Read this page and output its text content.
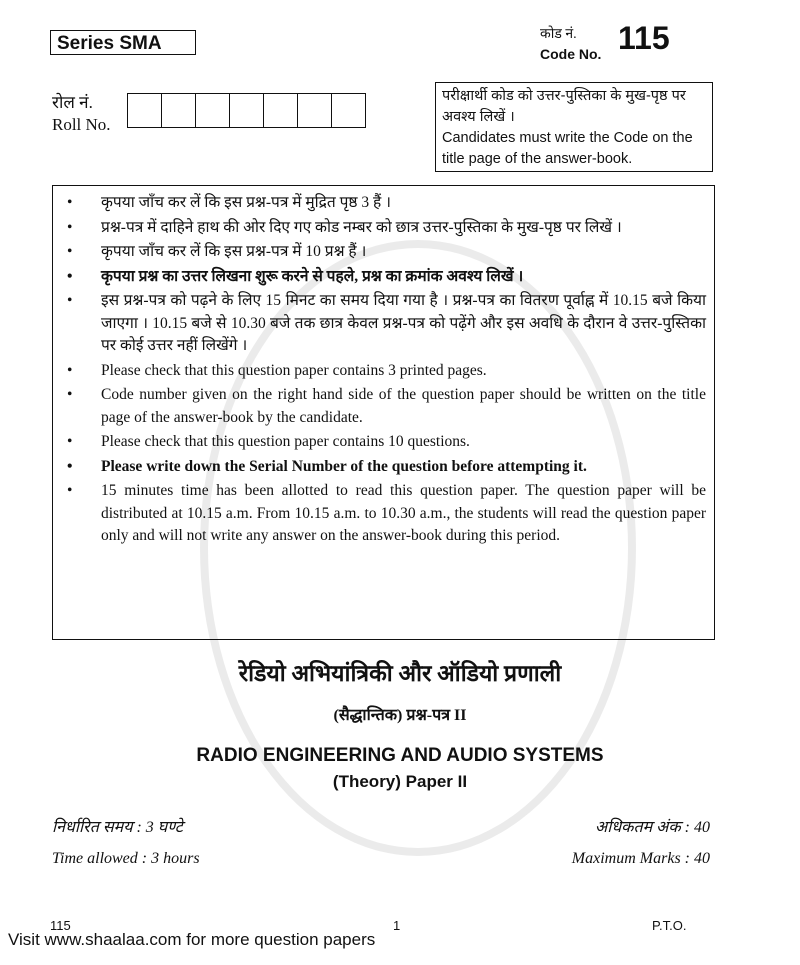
Series SMA	कोड नं.
Code No. 115
रोल नं.
Roll No.
परीक्षार्थी कोड को उत्तर-पुस्तिका के मुख-पृष्ठ पर अवश्य लिखें ।
Candidates must write the Code on the title page of the answer-book.
• कृपया जाँच कर लें कि इस प्रश्न-पत्र में मुद्रित पृष्ठ 3 हैं ।
• प्रश्न-पत्र में दाहिने हाथ की ओर दिए गए कोड नम्बर को छात्र उत्तर-पुस्तिका के मुख-पृष्ठ पर लिखें ।
• कृपया जाँच कर लें कि इस प्रश्न-पत्र में 10 प्रश्न हैं ।
• कृपया प्रश्न का उत्तर लिखना शुरू करने से पहले, प्रश्न का क्रमांक अवश्य लिखें ।
• इस प्रश्न-पत्र को पढ़ने के लिए 15 मिनट का समय दिया गया है । प्रश्न-पत्र का वितरण पूर्वाह्न में 10.15 बजे किया जाएगा । 10.15 बजे से 10.30 बजे तक छात्र केवल प्रश्न-पत्र को पढ़ेंगे और इस अवधि के दौरान वे उत्तर-पुस्तिका पर कोई उत्तर नहीं लिखेंगे ।
• Please check that this question paper contains 3 printed pages.
• Code number given on the right hand side of the question paper should be written on the title page of the answer-book by the candidate.
• Please check that this question paper contains 10 questions.
• Please write down the Serial Number of the question before attempting it.
• 15 minutes time has been allotted to read this question paper. The question paper will be distributed at 10.15 a.m. From 10.15 a.m. to 10.30 a.m., the students will read the question paper only and will not write any answer on the answer-book during this period.
रेडियो अभियांत्रिकी और ऑडियो प्रणाली
(सैद्धान्तिक) प्रश्न-पत्र II
RADIO ENGINEERING AND AUDIO SYSTEMS
(Theory) Paper II
निर्धारित समय : 3 घण्टे	अधिकतम अंक : 40
Time allowed : 3 hours	Maximum Marks : 40
115	1	P.T.O.
Visit www.shaalaa.com for more question papers
